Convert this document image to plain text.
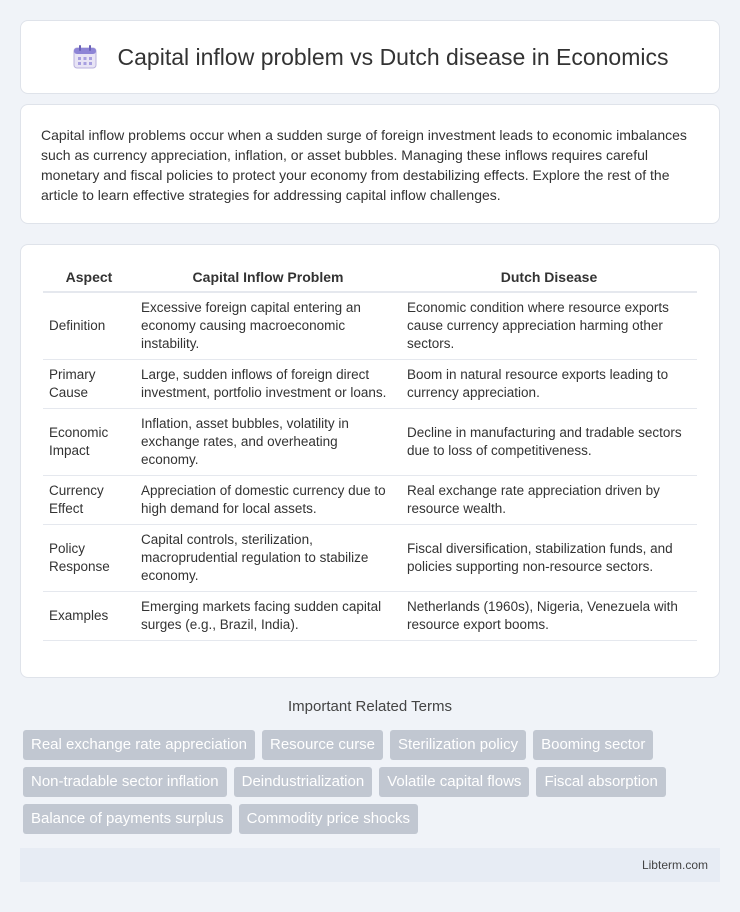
Capital inflow problem vs Dutch disease in Economics

Capital inflow problems occur when a sudden surge of foreign investment leads to economic imbalances such as currency appreciation, inflation, or asset bubbles. Managing these inflows requires careful monetary and fiscal policies to protect your economy from destabilizing effects. Explore the rest of the article to learn effective strategies for addressing capital inflow challenges.

Aspect	Capital Inflow Problem	Dutch Disease
Definition	Excessive foreign capital entering an economy causing macroeconomic instability.	Economic condition where resource exports cause currency appreciation harming other sectors.
Primary Cause	Large, sudden inflows of foreign direct investment, portfolio investment or loans.	Boom in natural resource exports leading to currency appreciation.
Economic Impact	Inflation, asset bubbles, volatility in exchange rates, and overheating economy.	Decline in manufacturing and tradable sectors due to loss of competitiveness.
Currency Effect	Appreciation of domestic currency due to high demand for local assets.	Real exchange rate appreciation driven by resource wealth.
Policy Response	Capital controls, sterilization, macroprudential regulation to stabilize economy.	Fiscal diversification, stabilization funds, and policies supporting non-resource sectors.
Examples	Emerging markets facing sudden capital surges (e.g., Brazil, India).	Netherlands (1960s), Nigeria, Venezuela with resource export booms.
Important Related Terms
Real exchange rate appreciation	Resource curse	Sterilization policy	Booming sector
Non-tradable sector inflation	Deindustrialization	Volatile capital flows	Fiscal absorption
Balance of payments surplus	Commodity price shocks
Libterm.com
